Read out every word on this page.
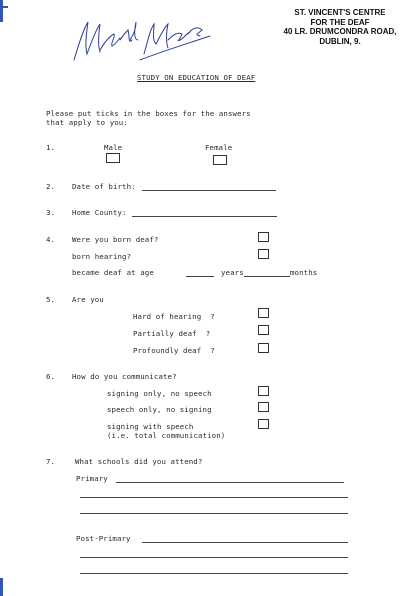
ST. VINCENT'S CENTRE
FOR THE DEAF
40 LR. DRUMCONDRA ROAD,
DUBLIN, 9.
STUDY ON EDUCATION OF DEAF
Please put ticks in the boxes for the answers
that apply to you:
1.	Male	Female
2. Date of birth:
3. Home County:
4. Were you born deaf?
born hearing?
became deaf at age	years	months
5. Are you
Hard of hearing  ?
Partially deaf  ?
Profoundly deaf  ?
6. How do you communicate?
signing only, no speech
speech only, no signing
signing with speech
(i.e. total communication)
7.	What schools did you attend?
Primary
Post-Primary
